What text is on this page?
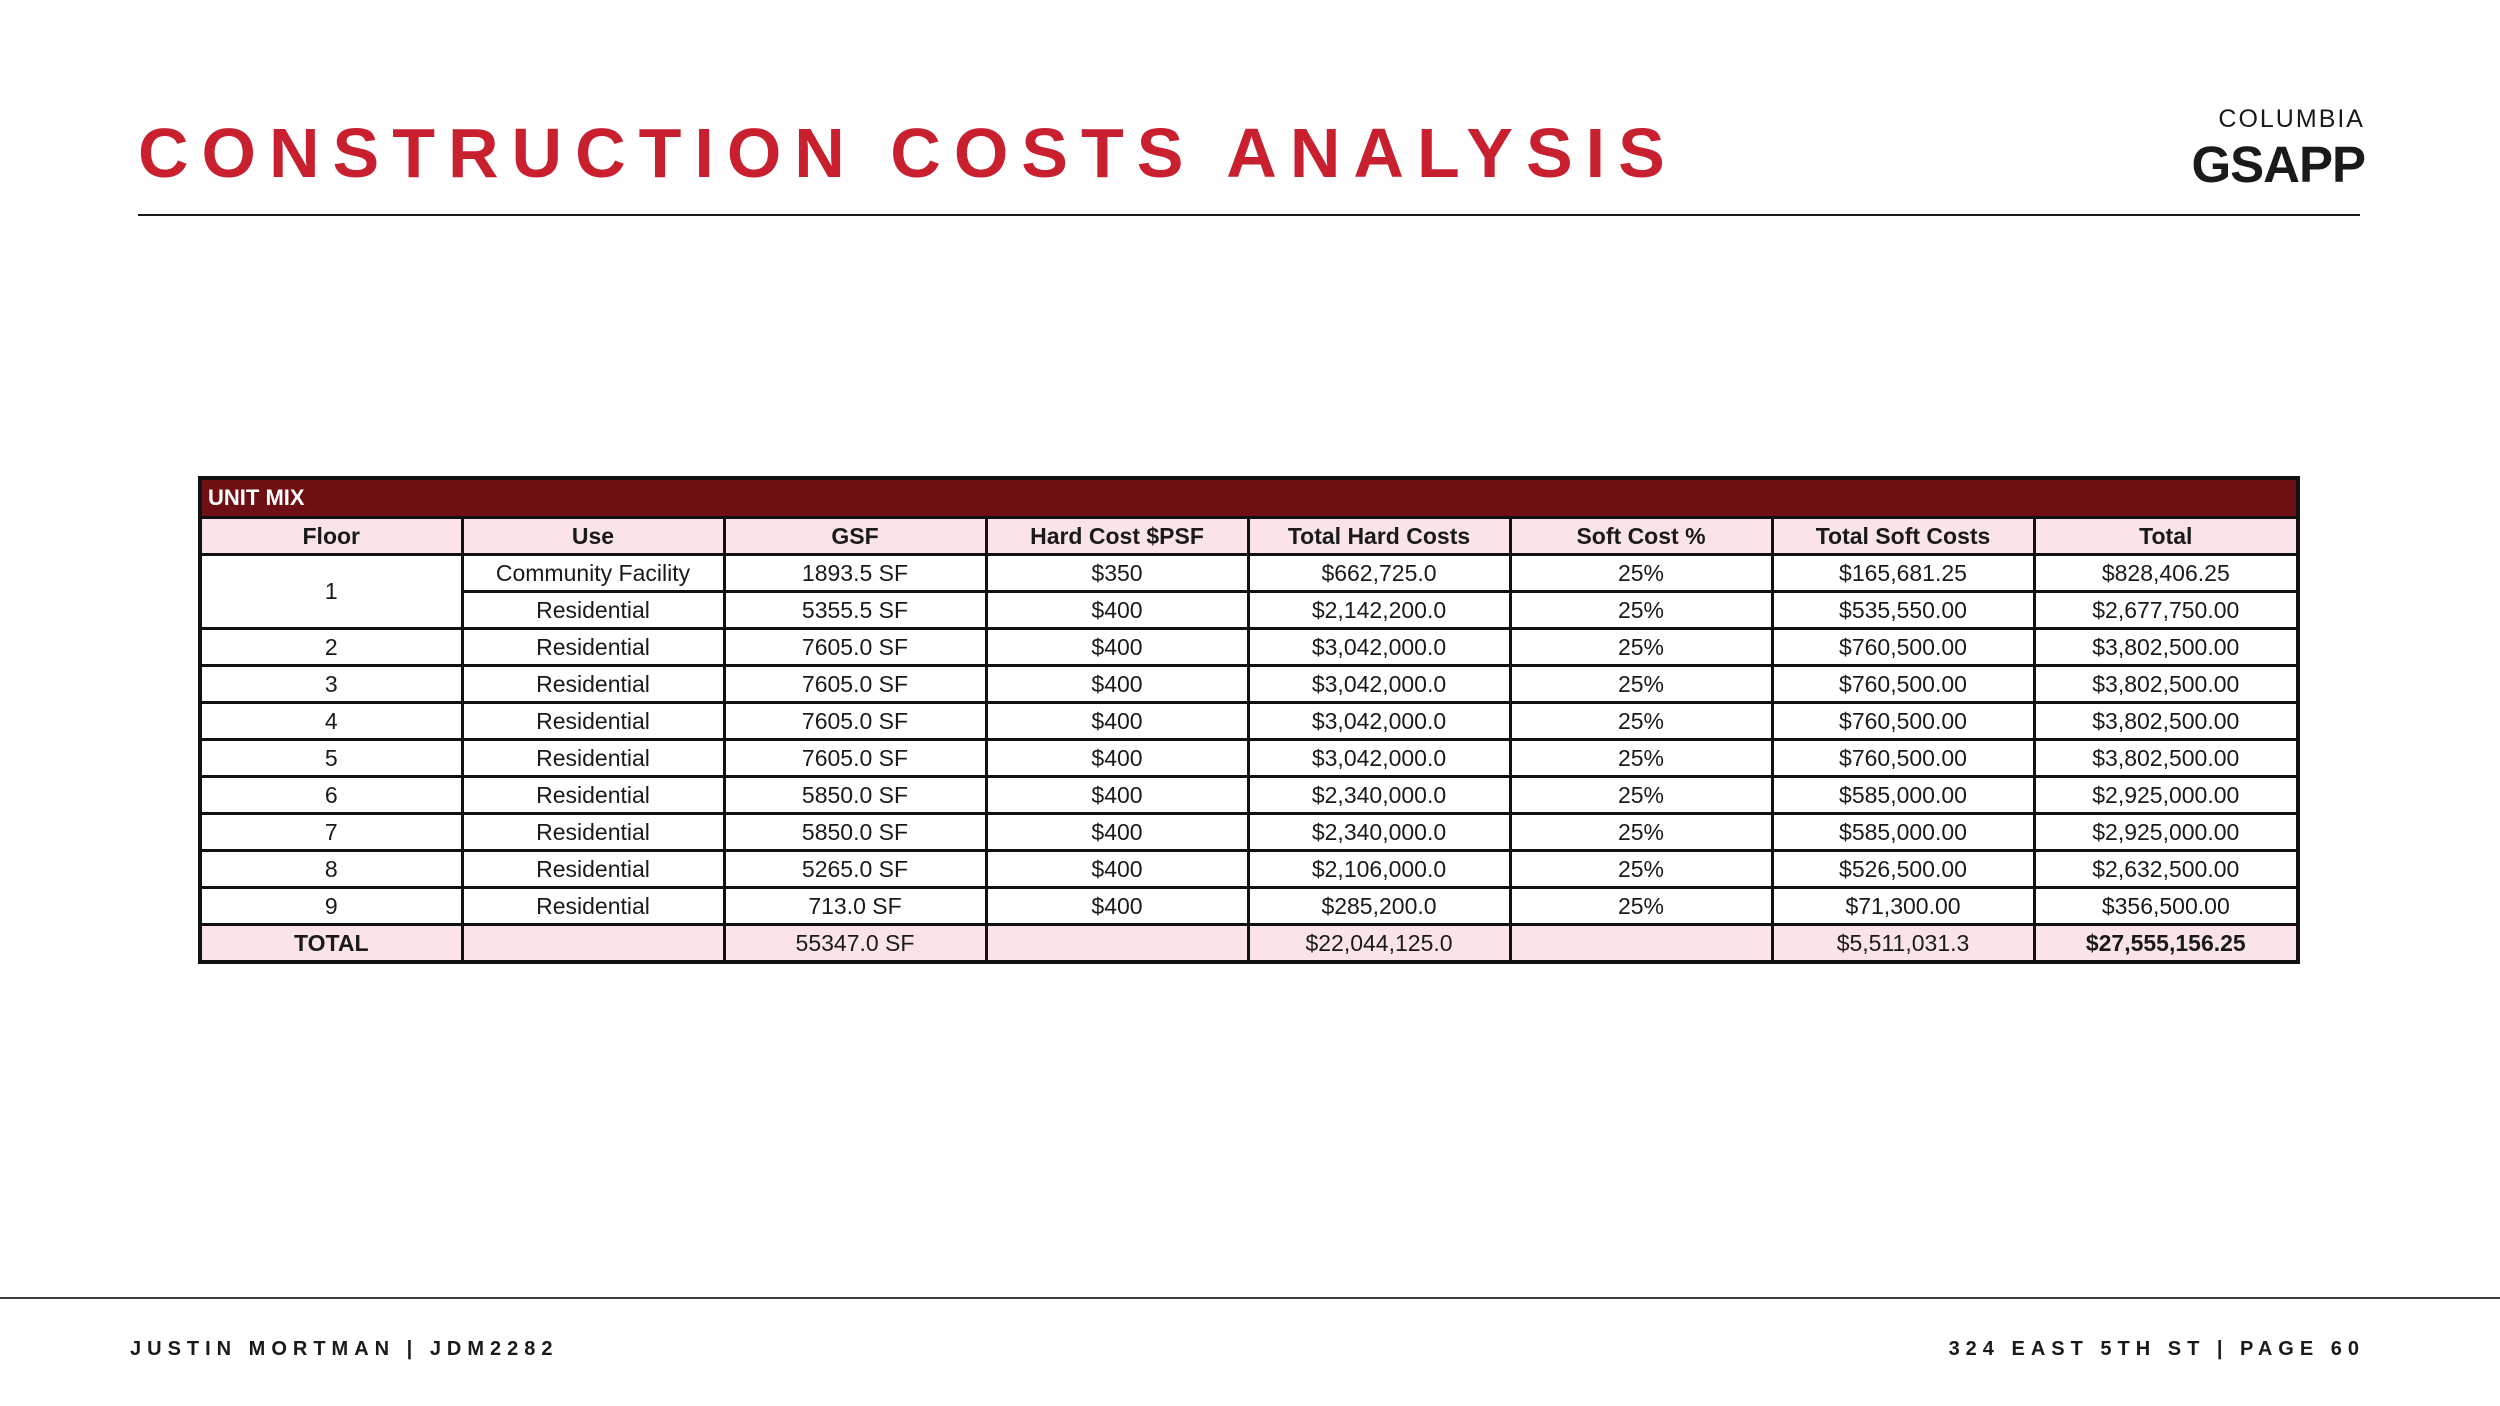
CONSTRUCTION COSTS ANALYSIS	COLUMBIA
GSAPP
UNIT MIX							
Floor	Use	GSF	Hard Cost $PSF	Total Hard Costs	Soft Cost %	Total Soft Costs	Total
1	Community Facility	1893.5 SF	$350	$662,725.0	25%	$165,681.25	$828,406.25
	Residential	5355.5 SF	$400	$2,142,200.0	25%	$535,550.00	$2,677,750.00
2	Residential	7605.0 SF	$400	$3,042,000.0	25%	$760,500.00	$3,802,500.00
3	Residential	7605.0 SF	$400	$3,042,000.0	25%	$760,500.00	$3,802,500.00
4	Residential	7605.0 SF	$400	$3,042,000.0	25%	$760,500.00	$3,802,500.00
5	Residential	7605.0 SF	$400	$3,042,000.0	25%	$760,500.00	$3,802,500.00
6	Residential	5850.0 SF	$400	$2,340,000.0	25%	$585,000.00	$2,925,000.00
7	Residential	5850.0 SF	$400	$2,340,000.0	25%	$585,000.00	$2,925,000.00
8	Residential	5265.0 SF	$400	$2,106,000.0	25%	$526,500.00	$2,632,500.00
9	Residential	713.0 SF	$400	$285,200.0	25%	$71,300.00	$356,500.00
TOTAL		55347.0 SF		$22,044,125.0		$5,511,031.3	$27,555,156.25
JUSTIN MORTMAN | JDM2282	324 EAST 5TH ST | PAGE 60
